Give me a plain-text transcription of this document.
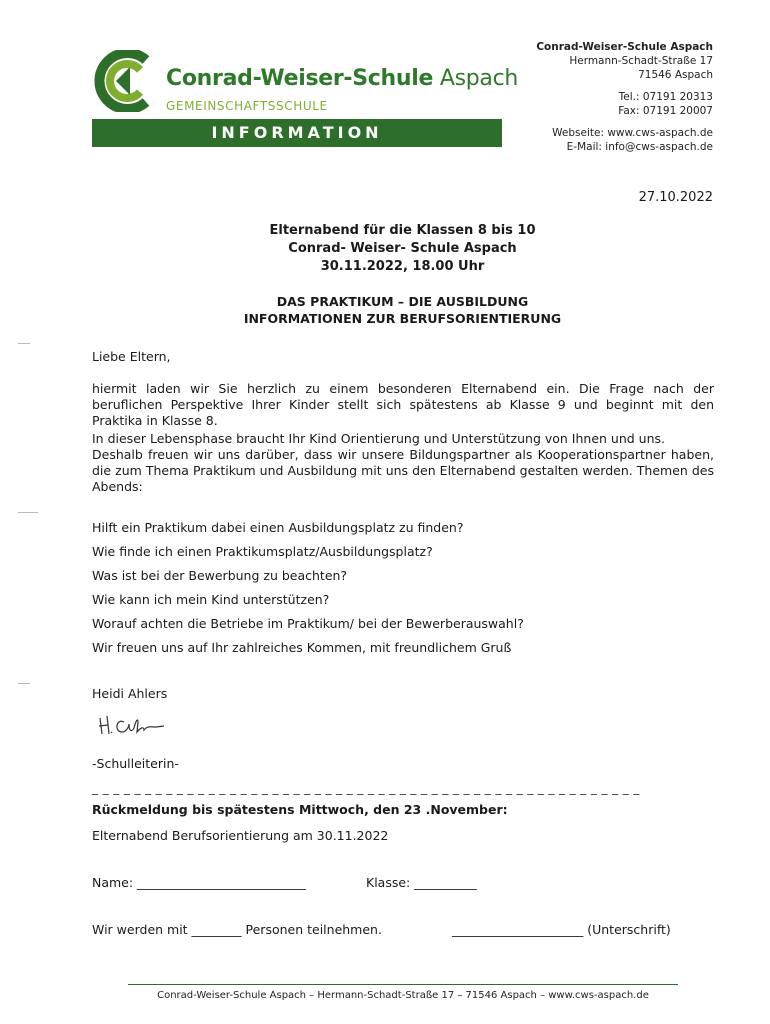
Conrad-Weiser-Schule Aspach
GEMEINSCHAFTSSCHULE
INFORMATION
Conrad-Weiser-Schule Aspach
Hermann-Schadt-Straße 17
71546 Aspach
Tel.: 07191 20313
Fax: 07191 20007
Webseite: www.cws-aspach.de
E-Mail: info@cws-aspach.de
27.10.2022
Elternabend für die Klassen 8 bis 10
Conrad- Weiser- Schule Aspach
30.11.2022, 18.00 Uhr
DAS PRAKTIKUM – DIE AUSBILDUNG
INFORMATIONEN ZUR BERUFSORIENTIERUNG
Liebe Eltern,
hiermit laden wir Sie herzlich zu einem besonderen Elternabend ein. Die Frage nach der beruflichen Perspektive Ihrer Kinder stellt sich spätestens ab Klasse 9 und beginnt mit den Praktika in Klasse 8.
In dieser Lebensphase braucht Ihr Kind Orientierung und Unterstützung von Ihnen und uns.
Deshalb freuen wir uns darüber, dass wir unsere Bildungspartner als Kooperationspartner haben, die zum Thema Praktikum und Ausbildung mit uns den Elternabend gestalten werden. Themen des Abends:
Hilft ein Praktikum dabei einen Ausbildungsplatz zu finden?
Wie finde ich einen Praktikumsplatz/Ausbildungsplatz?
Was ist bei der Bewerbung zu beachten?
Wie kann ich mein Kind unterstützen?
Worauf achten die Betriebe im Praktikum/ bei der Bewerberauswahl?
Wir freuen uns auf Ihr zahlreiches Kommen, mit freundlichem Gruß
Heidi Ahlers
-Schulleiterin-
_ _ _ _ _ _ _ _ _ _ _ _ _ _ _ _ _ _ _ _ _ _ _ _ _ _ _ _ _ _ _ _ _ _ _ _ _ _ _ _ _ _ _ _ _ _ _ _ _ _ _ _
Rückmeldung bis spätestens Mittwoch, den 23 .November:
Elternabend Berufsorientierung am 30.11.2022
Name: ___________________________	Klasse: __________
Wir werden mit ________ Personen teilnehmen.	_____________________ (Unterschrift)
Conrad-Weiser-Schule Aspach – Hermann-Schadt-Straße 17 – 71546 Aspach – www.cws-aspach.de
